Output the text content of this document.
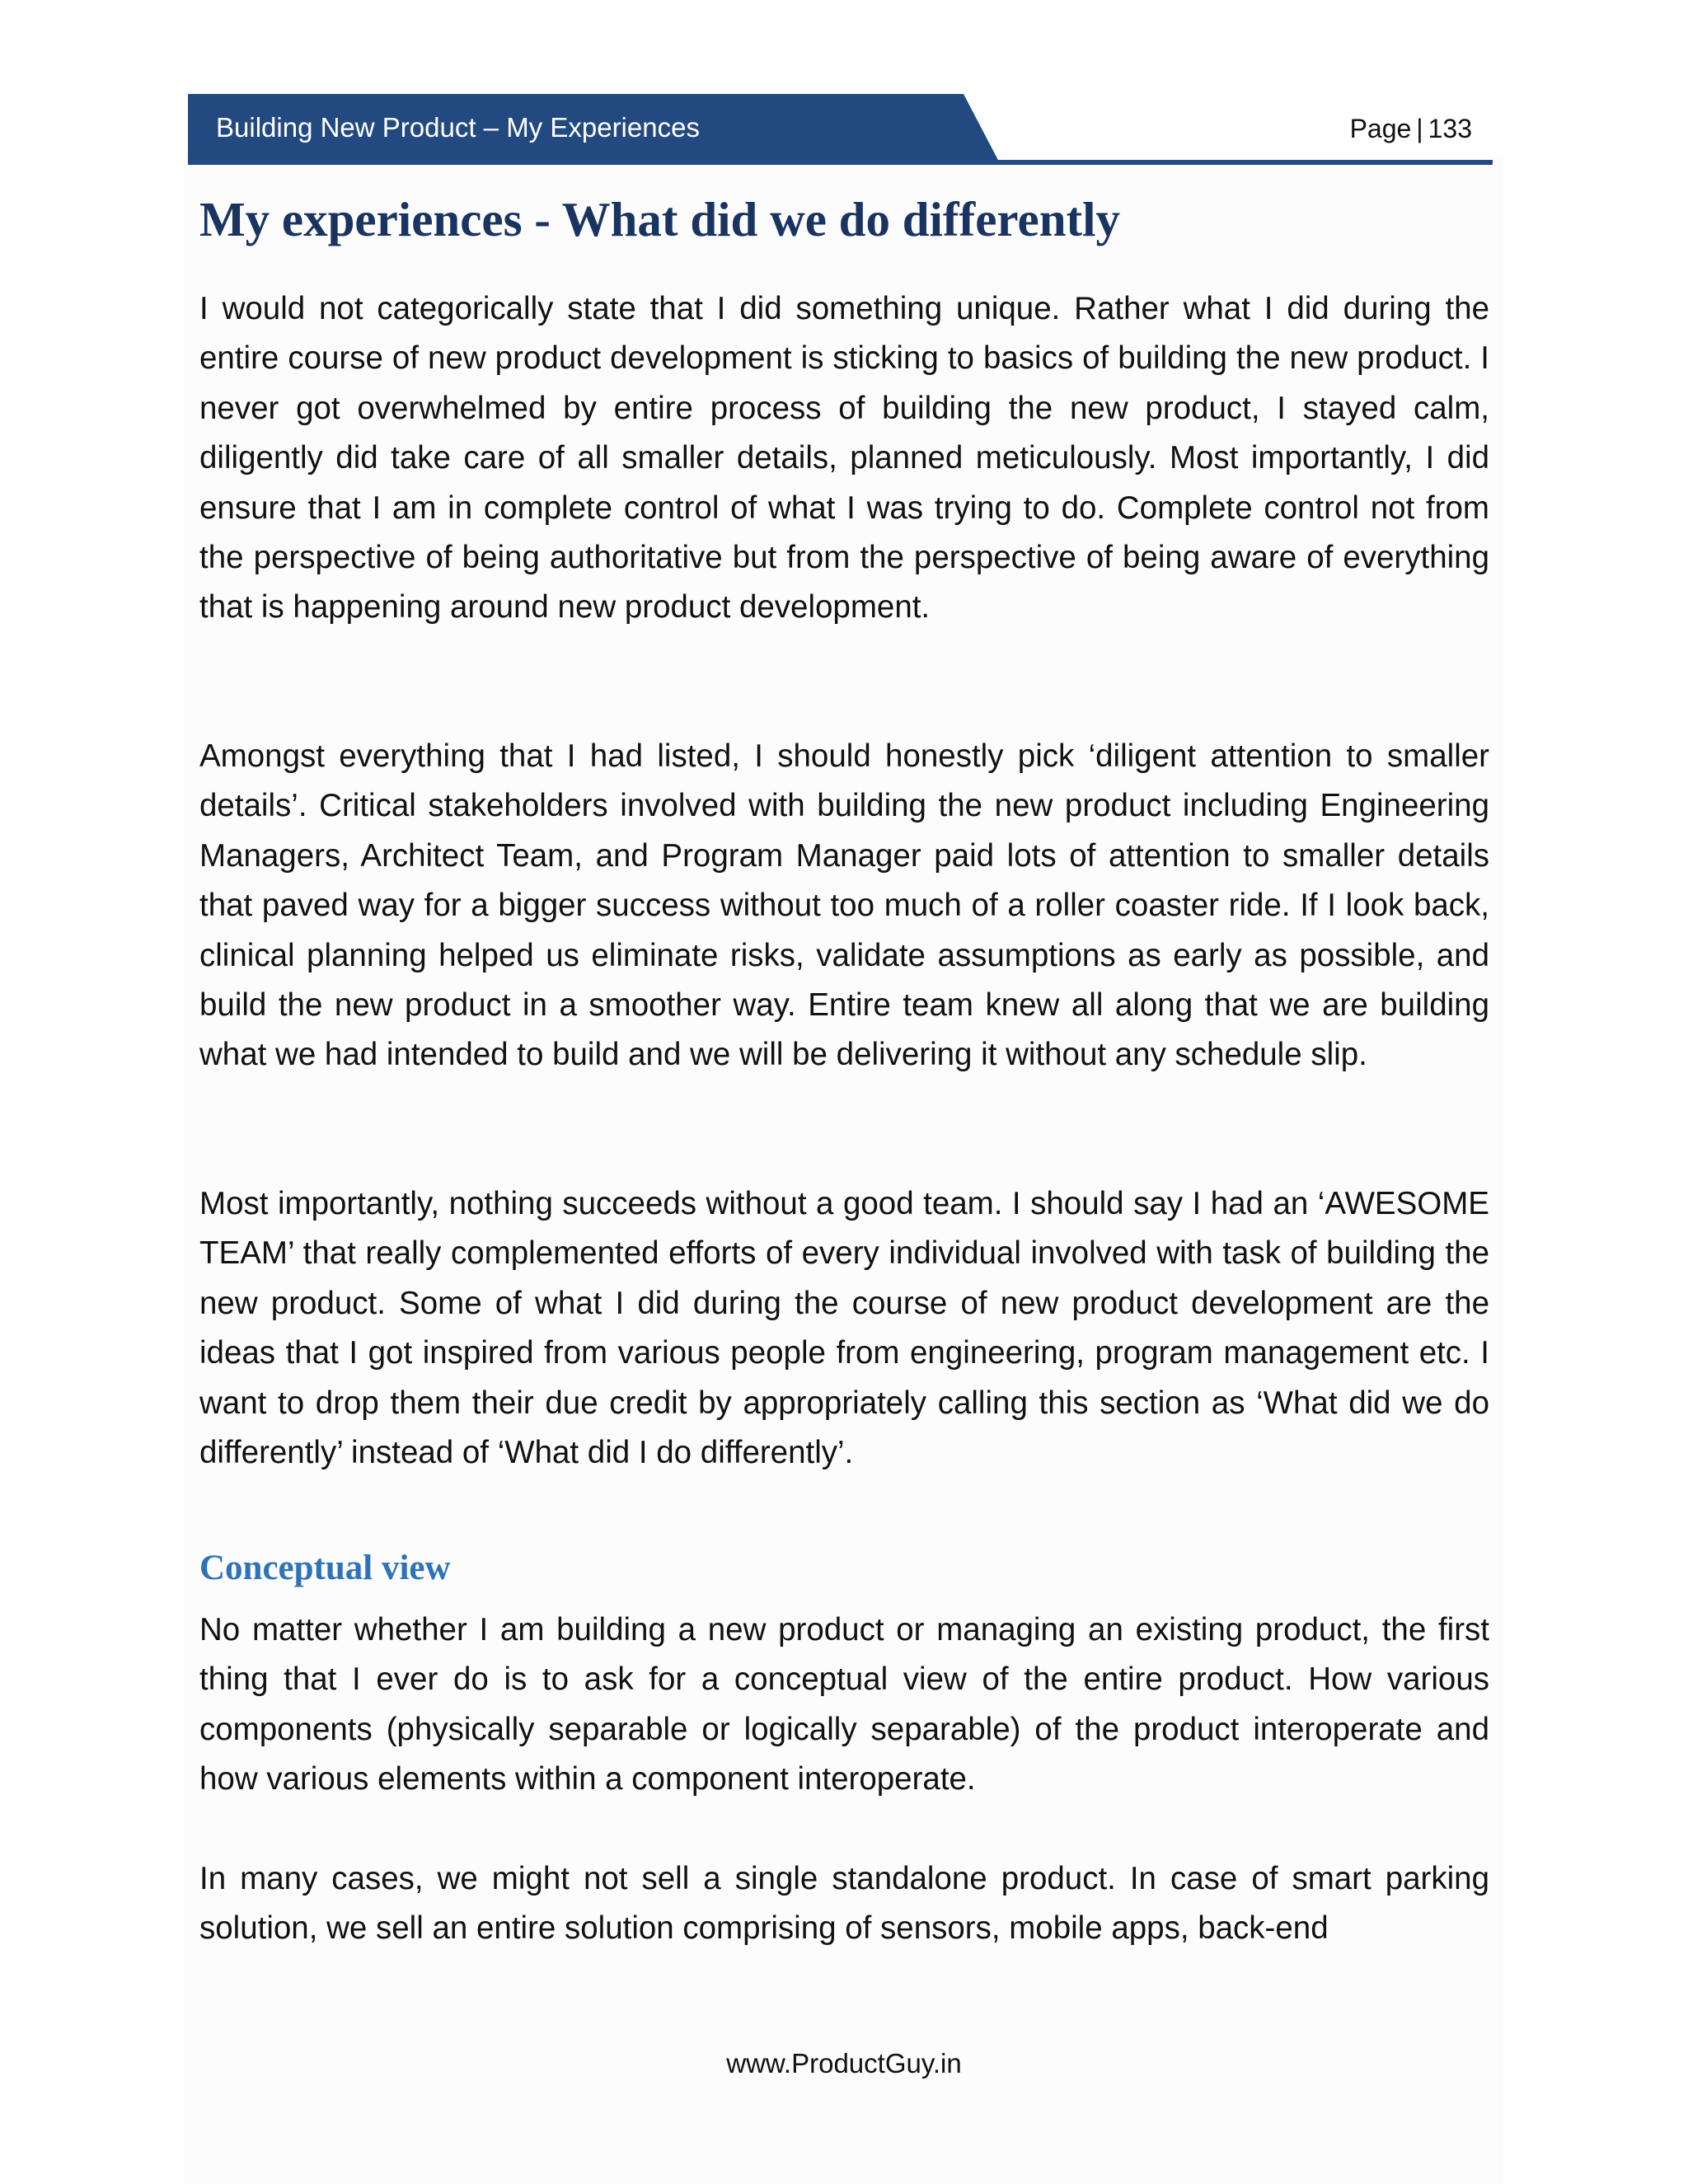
Building New Product – My Experiences	Page | 133
My experiences - What did we do differently

I would not categorically state that I did something unique. Rather what I did during the entire course of new product development is sticking to basics of building the new product. I never got overwhelmed by entire process of building the new product, I stayed calm, diligently did take care of all smaller details, planned meticulously. Most importantly, I did ensure that I am in complete control of what I was trying to do. Complete control not from the perspective of being authoritative but from the perspective of being aware of everything that is happening around new product development.

Amongst everything that I had listed, I should honestly pick ‘diligent attention to smaller details’. Critical stakeholders involved with building the new product including Engineering Managers, Architect Team, and Program Manager paid lots of attention to smaller details that paved way for a bigger success without too much of a roller coaster ride. If I look back, clinical planning helped us eliminate risks, validate assumptions as early as possible, and build the new product in a smoother way. Entire team knew all along that we are building what we had intended to build and we will be delivering it without any schedule slip.

Most importantly, nothing succeeds without a good team. I should say I had an ‘AWESOME TEAM’ that really complemented efforts of every individual involved with task of building the new product. Some of what I did during the course of new product development are the ideas that I got inspired from various people from engineering, program management etc. I want to drop them their due credit by appropriately calling this section as ‘What did we do differently’ instead of ‘What did I do differently’.

Conceptual view

No matter whether I am building a new product or managing an existing product, the first thing that I ever do is to ask for a conceptual view of the entire product. How various components (physically separable or logically separable) of the product interoperate and how various elements within a component interoperate.

In many cases, we might not sell a single standalone product. In case of smart parking solution, we sell an entire solution comprising of sensors, mobile apps, back-end

www.ProductGuy.in
